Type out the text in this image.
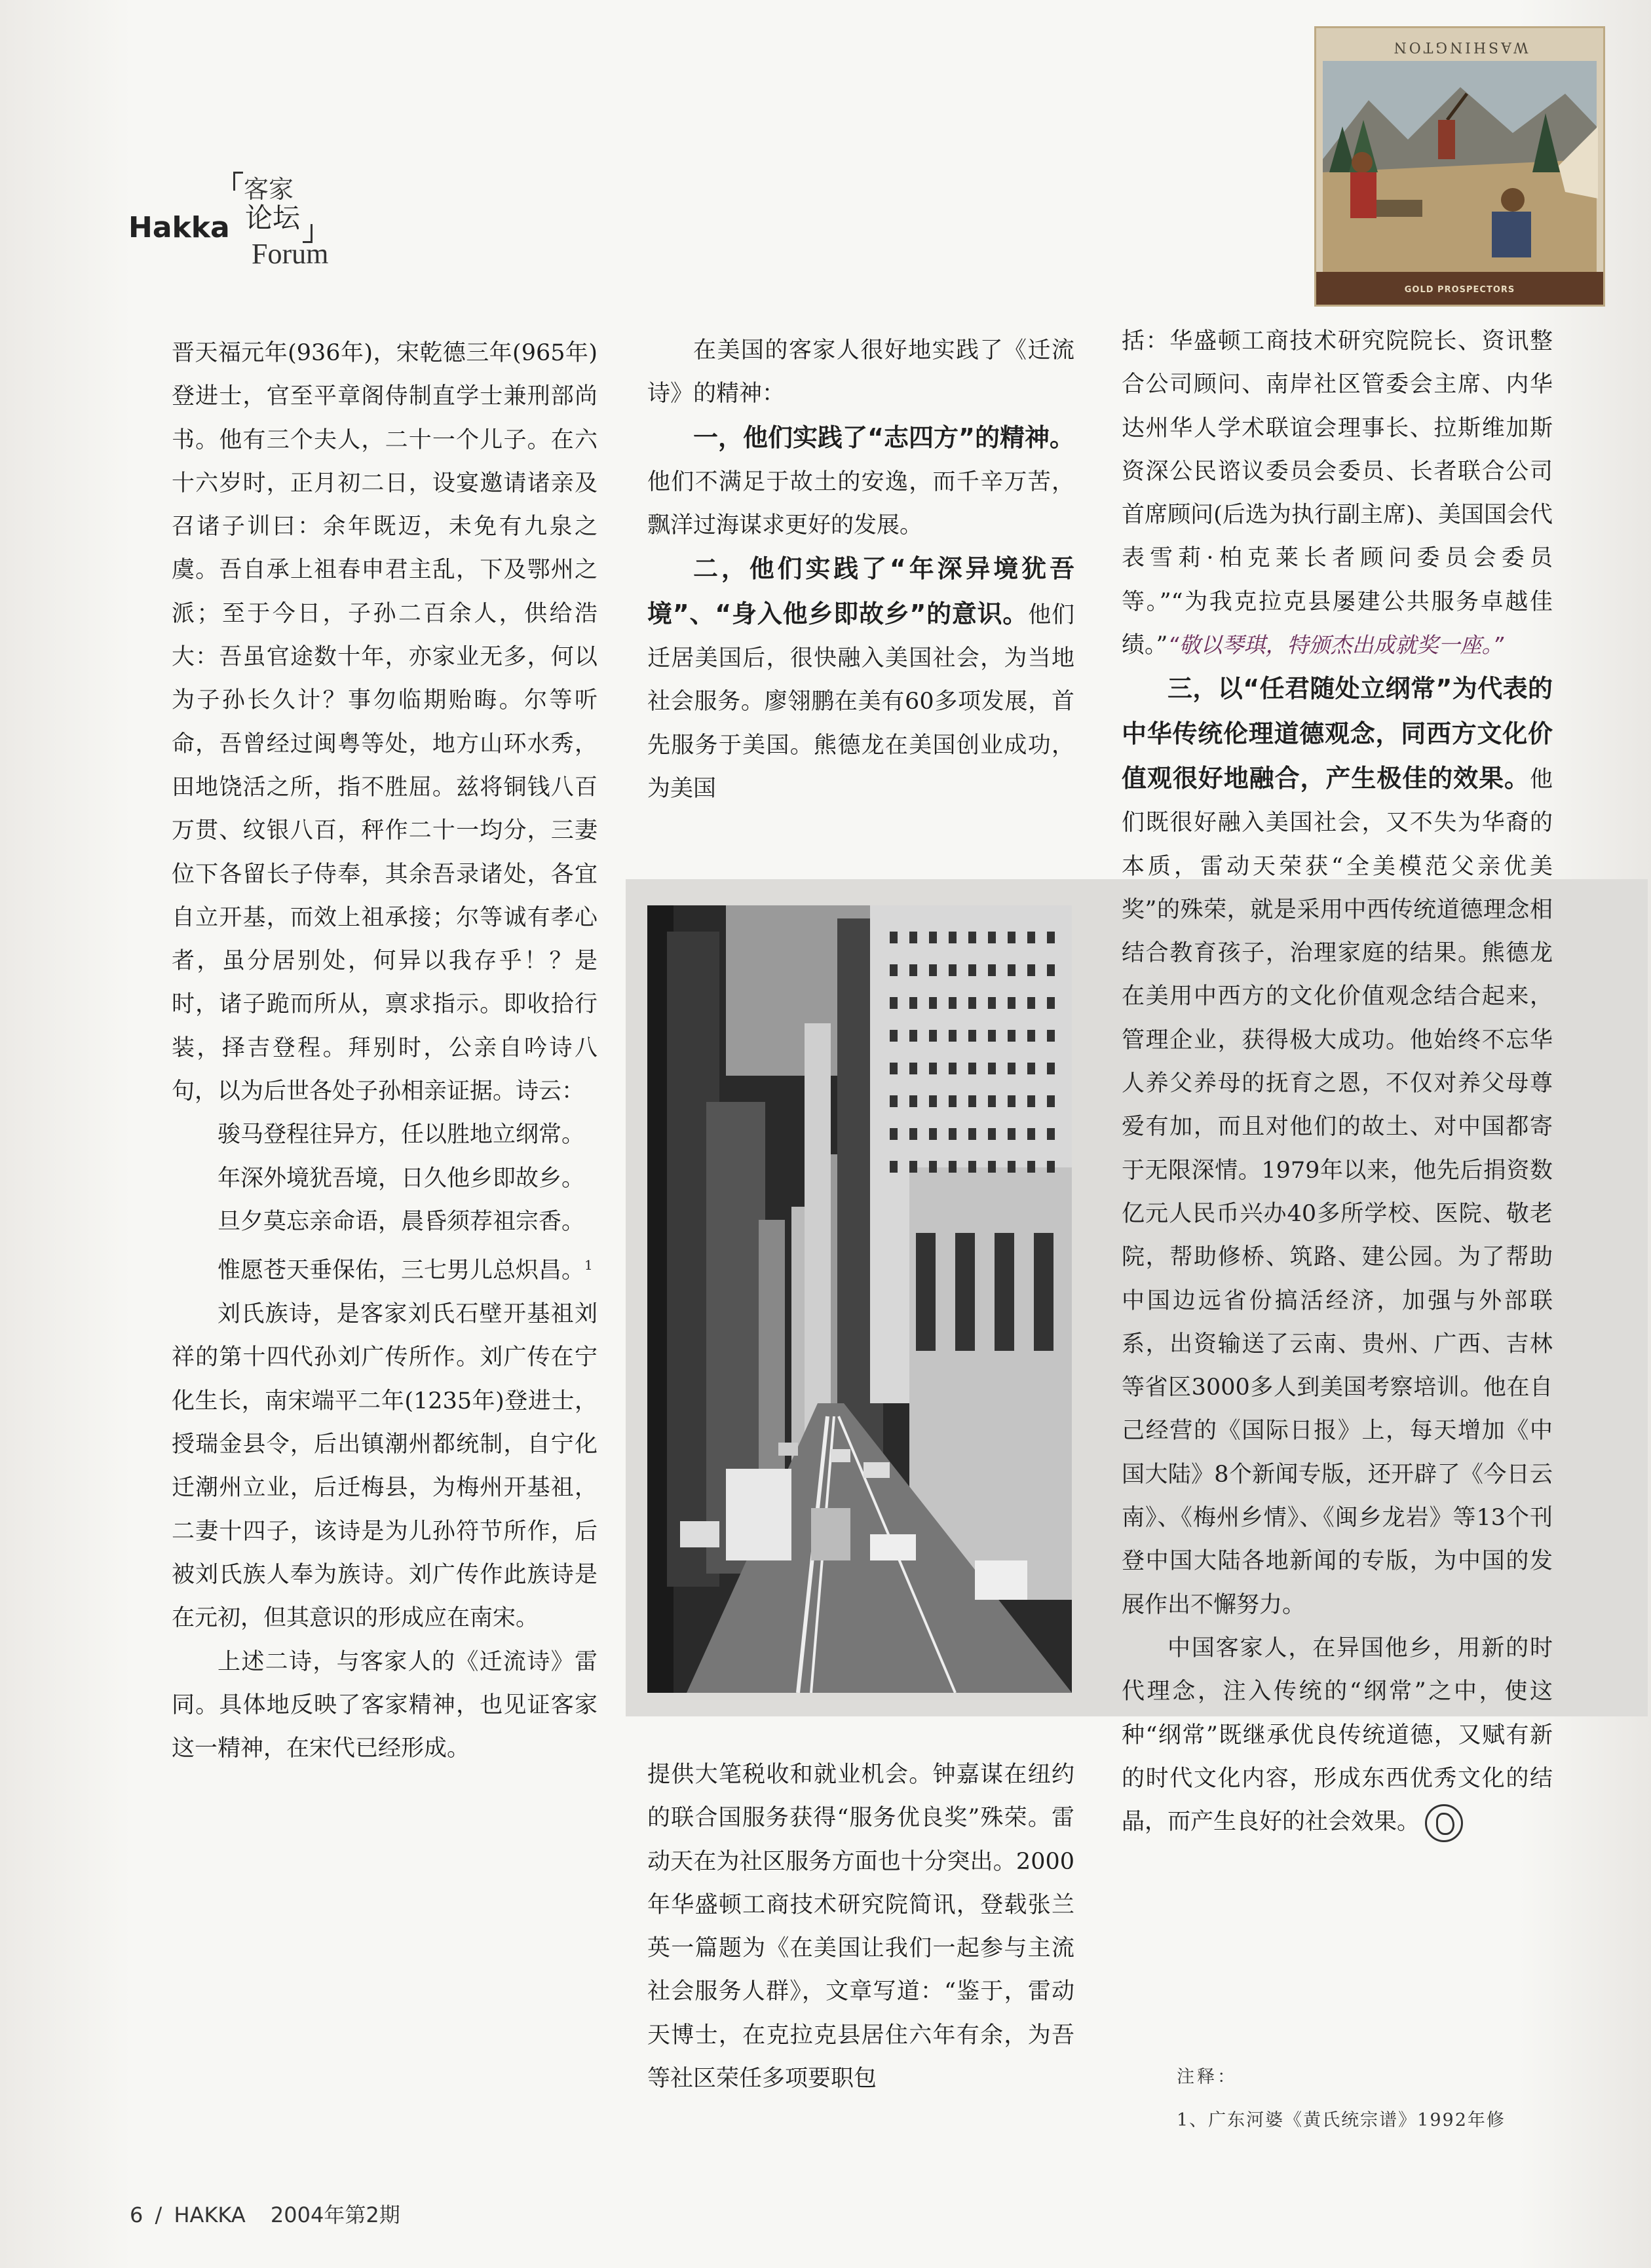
客家
Hakka 论坛
Forum
WASHINGTON
GOLD PROSPECTORS

晋天福元年(936年)，宋乾德三年(965年)登进士，官至平章阁侍制直学士兼刑部尚书。他有三个夫人，二十一个儿子。在六十六岁时，正月初二日，设宴邀请诸亲及召诸子训曰：余年既迈，未免有九泉之虞。吾自承上祖春申君主乱，下及鄂州之派；至于今日，子孙二百余人，供给浩大：吾虽官途数十年，亦家业无多，何以为子孙长久计？事勿临期贻晦。尔等听命，吾曾经过闽粤等处，地方山环水秀，田地饶活之所，指不胜屈。兹将铜钱八百万贯、纹银八百，秤作二十一均分，三妻位下各留长子侍奉，其余吾录诸处，各宜自立开基，而效上祖承接；尔等诚有孝心者，虽分居别处，何异以我存乎！？是时，诸子跪而所从，禀求指示。即收拾行装，择吉登程。拜别时，公亲自吟诗八句，以为后世各处子孙相亲证据。诗云：

骏马登程往异方，任以胜地立纲常。

年深外境犹吾境，日久他乡即故乡。

旦夕莫忘亲命语，晨昏须荐祖宗香。

惟愿苍天垂保佑，三七男儿总炽昌。$^1$

刘氏族诗，是客家刘氏石壁开基祖刘祥的第十四代孙刘广传所作。刘广传在宁化生长，南宋端平二年(1235年)登进士，授瑞金县令，后出镇潮州都统制，自宁化迁潮州立业，后迁梅县，为梅州开基祖，二妻十四子，该诗是为儿孙符节所作，后被刘氏族人奉为族诗。刘广传作此族诗是在元初，但其意识的形成应在南宋。

上述二诗，与客家人的《迁流诗》雷同。具体地反映了客家精神，也见证客家这一精神，在宋代已经形成。

在美国的客家人很好地实践了《迁流诗》的精神：

一，他们实践了“志四方”的精神。他们不满足于故土的安逸，而千辛万苦，飘洋过海谋求更好的发展。

二，他们实践了“年深异境犹吾境”、“身入他乡即故乡”的意识。他们迁居美国后，很快融入美国社会，为当地社会服务。廖翎鹏在美有60多项发展，首先服务于美国。熊德龙在美国创业成功，为美国

提供大笔税收和就业机会。钟嘉谋在纽约的联合国服务获得“服务优良奖”殊荣。雷动天在为社区服务方面也十分突出。2000年华盛顿工商技术研究院简讯，登载张兰英一篇题为《在美国让我们一起参与主流社会服务人群》，文章写道：“鉴于，雷动天博士，在克拉克县居住六年有余，为吾等社区荣任多项要职包

括：华盛顿工商技术研究院院长、资讯整合公司顾问、南岸社区管委会主席、内华达州华人学术联谊会理事长、拉斯维加斯资深公民谘议委员会委员、长者联合公司首席顾问(后选为执行副主席)、美国国会代表雪莉·柏克莱长者顾问委员会委员等。”“为我克拉克县屡建公共服务卓越佳绩。”“敬以琴琪，特颁杰出成就奖一座。”

三，以“任君随处立纲常”为代表的中华传统伦理道德观念，同西方文化价值观很好地融合，产生极佳的效果。他们既很好融入美国社会，又不失为华裔的本质，雷动天荣获“全美模范父亲优美奖”的殊荣，就是采用中西传统道德理念相结合教育孩子，治理家庭的结果。熊德龙在美用中西方的文化价值观念结合起来，管理企业，获得极大成功。他始终不忘华人养父养母的抚育之恩，不仅对养父母尊爱有加，而且对他们的故土、对中国都寄于无限深情。1979年以来，他先后捐资数亿元人民币兴办40多所学校、医院、敬老院，帮助修桥、筑路、建公园。为了帮助中国边远省份搞活经济，加强与外部联系，出资输送了云南、贵州、广西、吉林等省区3000多人到美国考察培训。他在自己经营的《国际日报》上，每天增加《中国大陆》8个新闻专版，还开辟了《今日云南》、《梅州乡情》、《闽乡龙岩》等13个刊登中国大陆各地新闻的专版，为中国的发展作出不懈努力。

中国客家人，在异国他乡，用新的时代理念，注入传统的“纲常”之中，使这种“纲常”既继承优良传统道德，又赋有新的时代文化内容，形成东西优秀文化的结晶，而产生良好的社会效果。

注释：
1、广东河婆《黄氏统宗谱》1992年修
6 / HAKKA 2004年第2期
